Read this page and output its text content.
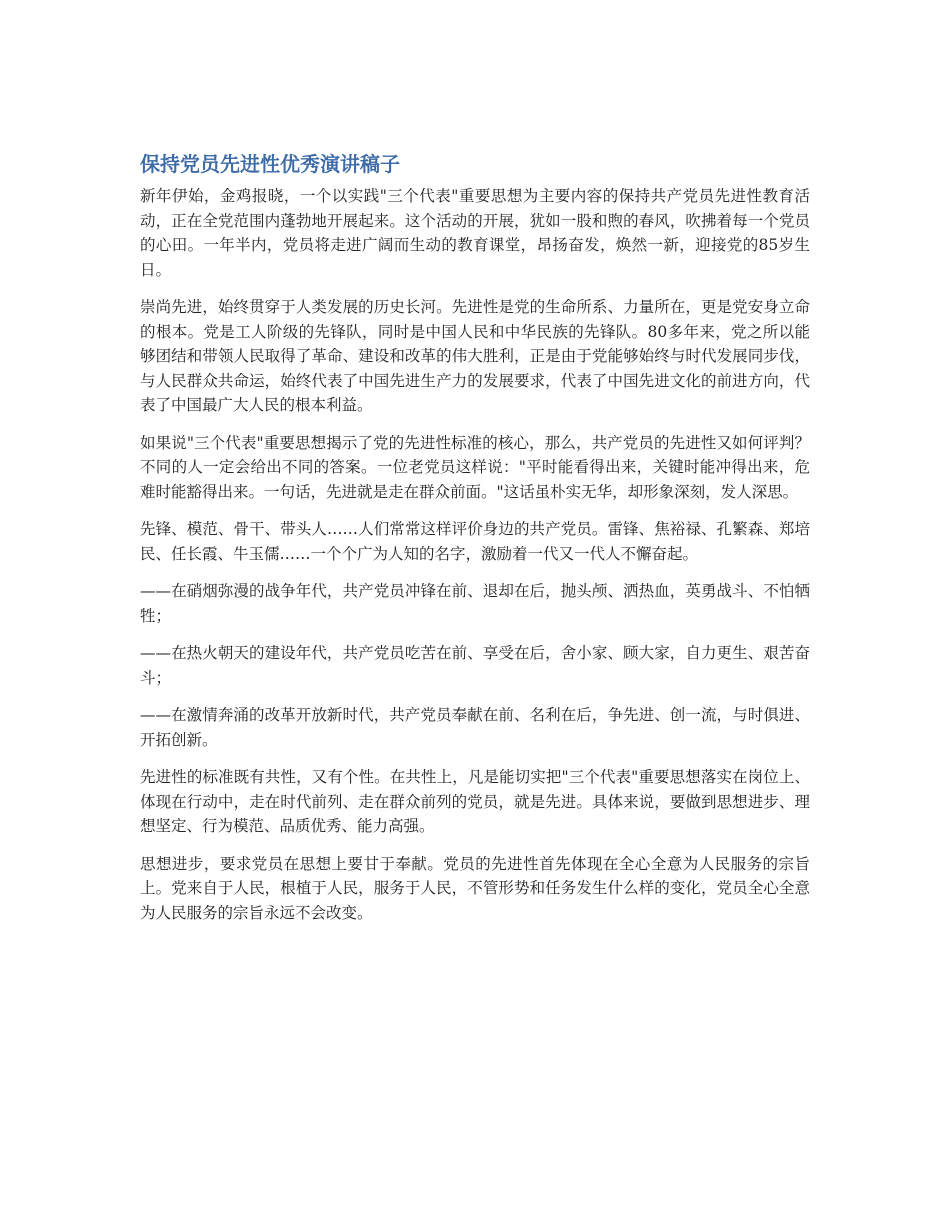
保持党员先进性优秀演讲稿子

新年伊始，金鸡报晓，一个以实践"三个代表"重要思想为主要内容的保持共产党员先进性教育活动，正在全党范围内蓬勃地开展起来。这个活动的开展，犹如一股和煦的春风，吹拂着每一个党员的心田。一年半内，党员将走进广阔而生动的教育课堂，昂扬奋发，焕然一新，迎接党的85岁生日。

崇尚先进，始终贯穿于人类发展的历史长河。先进性是党的生命所系、力量所在，更是党安身立命的根本。党是工人阶级的先锋队，同时是中国人民和中华民族的先锋队。80多年来，党之所以能够团结和带领人民取得了革命、建设和改革的伟大胜利，正是由于党能够始终与时代发展同步伐，与人民群众共命运，始终代表了中国先进生产力的发展要求，代表了中国先进文化的前进方向，代表了中国最广大人民的根本利益。

如果说"三个代表"重要思想揭示了党的先进性标准的核心，那么，共产党员的先进性又如何评判？不同的人一定会给出不同的答案。一位老党员这样说："平时能看得出来，关键时能冲得出来，危难时能豁得出来。一句话，先进就是走在群众前面。"这话虽朴实无华，却形象深刻，发人深思。

先锋、模范、骨干、带头人……人们常常这样评价身边的共产党员。雷锋、焦裕禄、孔繁森、郑培民、任长霞、牛玉儒……一个个广为人知的名字，激励着一代又一代人不懈奋起。

——在硝烟弥漫的战争年代，共产党员冲锋在前、退却在后，抛头颅、洒热血，英勇战斗、不怕牺牲；

——在热火朝天的建设年代，共产党员吃苦在前、享受在后，舍小家、顾大家，自力更生、艰苦奋斗；

——在激情奔涌的改革开放新时代，共产党员奉献在前、名利在后，争先进、创一流，与时俱进、开拓创新。

先进性的标准既有共性，又有个性。在共性上，凡是能切实把"三个代表"重要思想落实在岗位上、体现在行动中，走在时代前列、走在群众前列的党员，就是先进。具体来说，要做到思想进步、理想坚定、行为模范、品质优秀、能力高强。

思想进步，要求党员在思想上要甘于奉献。党员的先进性首先体现在全心全意为人民服务的宗旨上。党来自于人民，根植于人民，服务于人民，不管形势和任务发生什么样的变化，党员全心全意为人民服务的宗旨永远不会改变。
